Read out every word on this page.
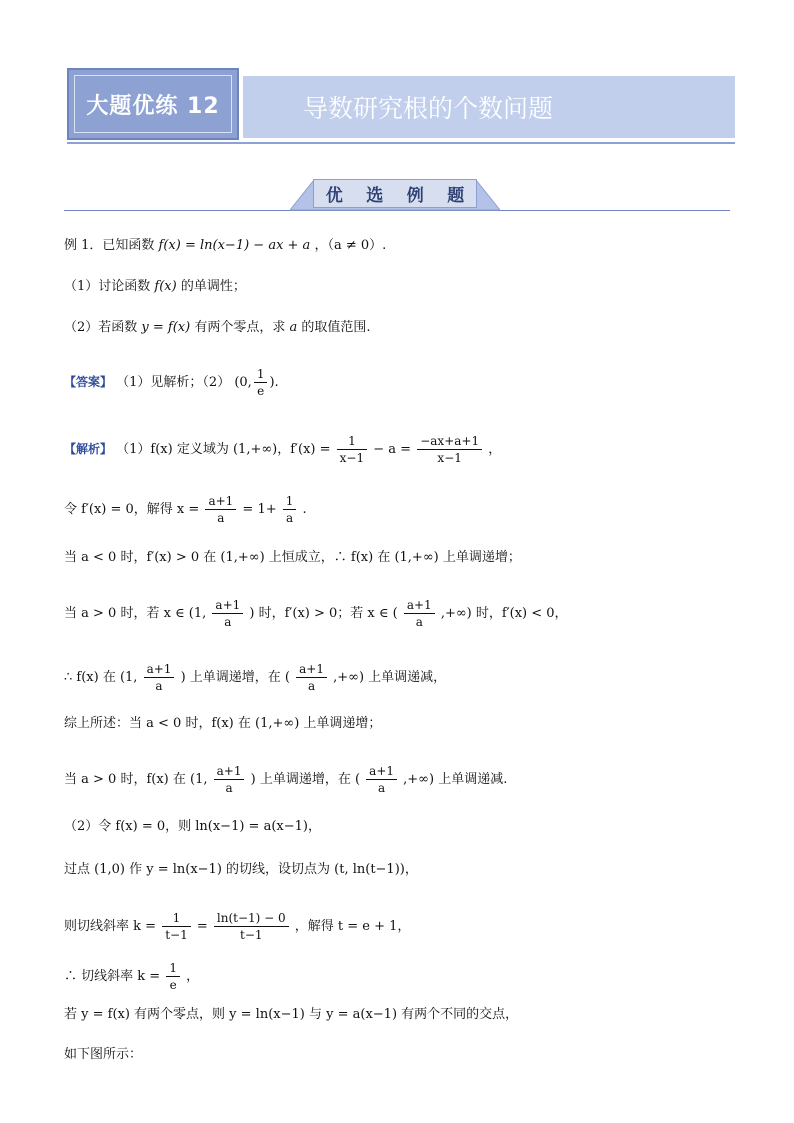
大题优练 12	导数研究根的个数问题
优 选 例 题
例 1．已知函数 f(x) = ln(x−1) − ax + a ，（a ≠ 0）.
（1）讨论函数 f(x) 的单调性；
（2）若函数 y = f(x) 有两个零点，求 a 的取值范围.
【答案】 （1）见解析；（2） (0, $\frac{1}{e}$ ).
【解析】 （1）f(x) 定义域为 (1,+∞)，$f'(x) = \frac{1}{x-1} - a = \frac{-ax+a+1}{x-1}$ ，
令 f′(x) = 0，解得 $x = \frac{a+1}{a} = 1+ \frac{1}{a}$ .
当 a < 0 时，f′(x) > 0 在 (1,+∞) 上恒成立，∴ f(x) 在 (1,+∞) 上单调递增；
当 a > 0 时，若 x ∈ (1, $\frac{a+1}{a}$ ) 时，f′(x) > 0；若 x ∈ ( $\frac{a+1}{a}$ ,+∞) 时，f′(x) < 0，
∴ f(x) 在 (1, $\frac{a+1}{a}$ ) 上单调递增，在 ( $\frac{a+1}{a}$ ,+∞) 上单调递减，
综上所述：当 a < 0 时，f(x) 在 (1,+∞) 上单调递增；
当 a > 0 时，f(x) 在 (1, $\frac{a+1}{a}$ ) 上单调递增，在 ( $\frac{a+1}{a}$ ,+∞) 上单调递减.
（2）令 f(x) = 0，则 ln(x−1) = a(x−1)，
过点 (1,0) 作 y = ln(x−1) 的切线，设切点为 (t, ln(t−1))，
则切线斜率 $k = \frac{1}{t-1} = \frac{\ln(t-1) - 0}{t-1}$ ，解得 t = e + 1，
∴ 切线斜率 $k = \frac{1}{e}$ ，
若 y = f(x) 有两个零点，则 y = ln(x−1) 与 y = a(x−1) 有两个不同的交点，
如下图所示：
